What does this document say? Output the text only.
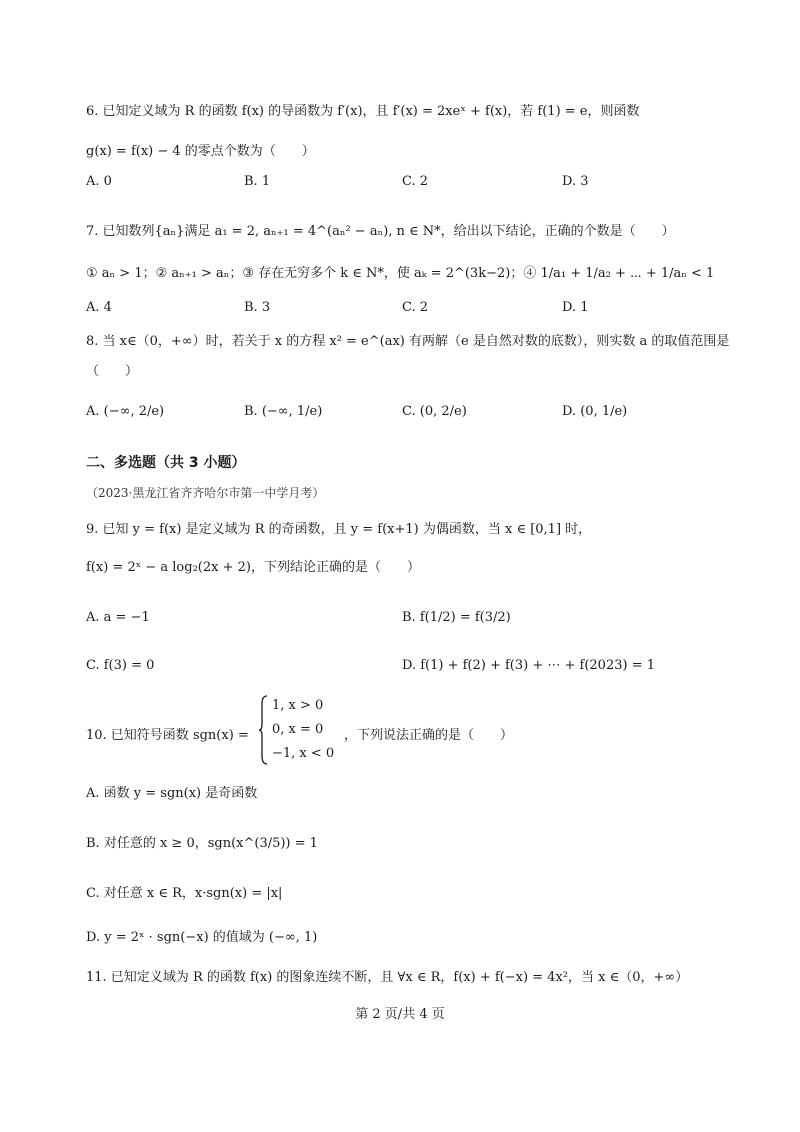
6. 已知定义域为 R 的函数 f(x) 的导函数为 f′(x)，且 f′(x) = 2xeˣ + f(x)，若 f(1) = e，则函数
g(x) = f(x) − 4 的零点个数为（　　）
A. 0	B. 1	C. 2	D. 3
7. 已知数列{aₙ}满足 a₁ = 2, aₙ₊₁ = 4^(aₙ² − aₙ), n ∈ N*，给出以下结论，正确的个数是（　　）
① aₙ > 1；② aₙ₊₁ > aₙ；③ 存在无穷多个 k ∈ N*，使 aₖ = 2^(3k−2)；④ 1/a₁ + 1/a₂ + ⋯ + 1/aₙ < 1
A. 4	B. 3	C. 2	D. 1
8. 当 x∈（0，+∞）时，若关于 x 的方程 x² = e^(ax) 有两解（e 是自然对数的底数），则实数 a 的取值范围是
（　　）
A. (−∞, 2/e)	B. (−∞, 1/e)	C. (0, 2/e)	D. (0, 1/e)
二、多选题（共 3 小题）
（2023·黑龙江省齐齐哈尔市第一中学月考）
9. 已知 y = f(x) 是定义域为 R 的奇函数，且 y = f(x+1) 为偶函数，当 x ∈ [0,1] 时，
f(x) = 2ˣ − a log₂(2x + 2)，下列结论正确的是（　　）
A. a = −1	B. f(1/2) = f(3/2)
C. f(3) = 0	D. f(1) + f(2) + f(3) + ⋯ + f(2023) = 1
10. 已知符号函数 sgn(x) =
1, x > 0
0, x = 0
−1, x < 0
，下列说法正确的是（　　）
A. 函数 y = sgn(x) 是奇函数
B. 对任意的 x ≥ 0，sgn(x^(3/5)) = 1
C. 对任意 x ∈ R，x·sgn(x) = |x|
D. y = 2ˣ · sgn(−x) 的值域为 (−∞, 1)
11. 已知定义域为 R 的函数 f(x) 的图象连续不断，且 ∀x ∈ R，f(x) + f(−x) = 4x²，当 x ∈（0，+∞）
第 2 页/共 4 页
